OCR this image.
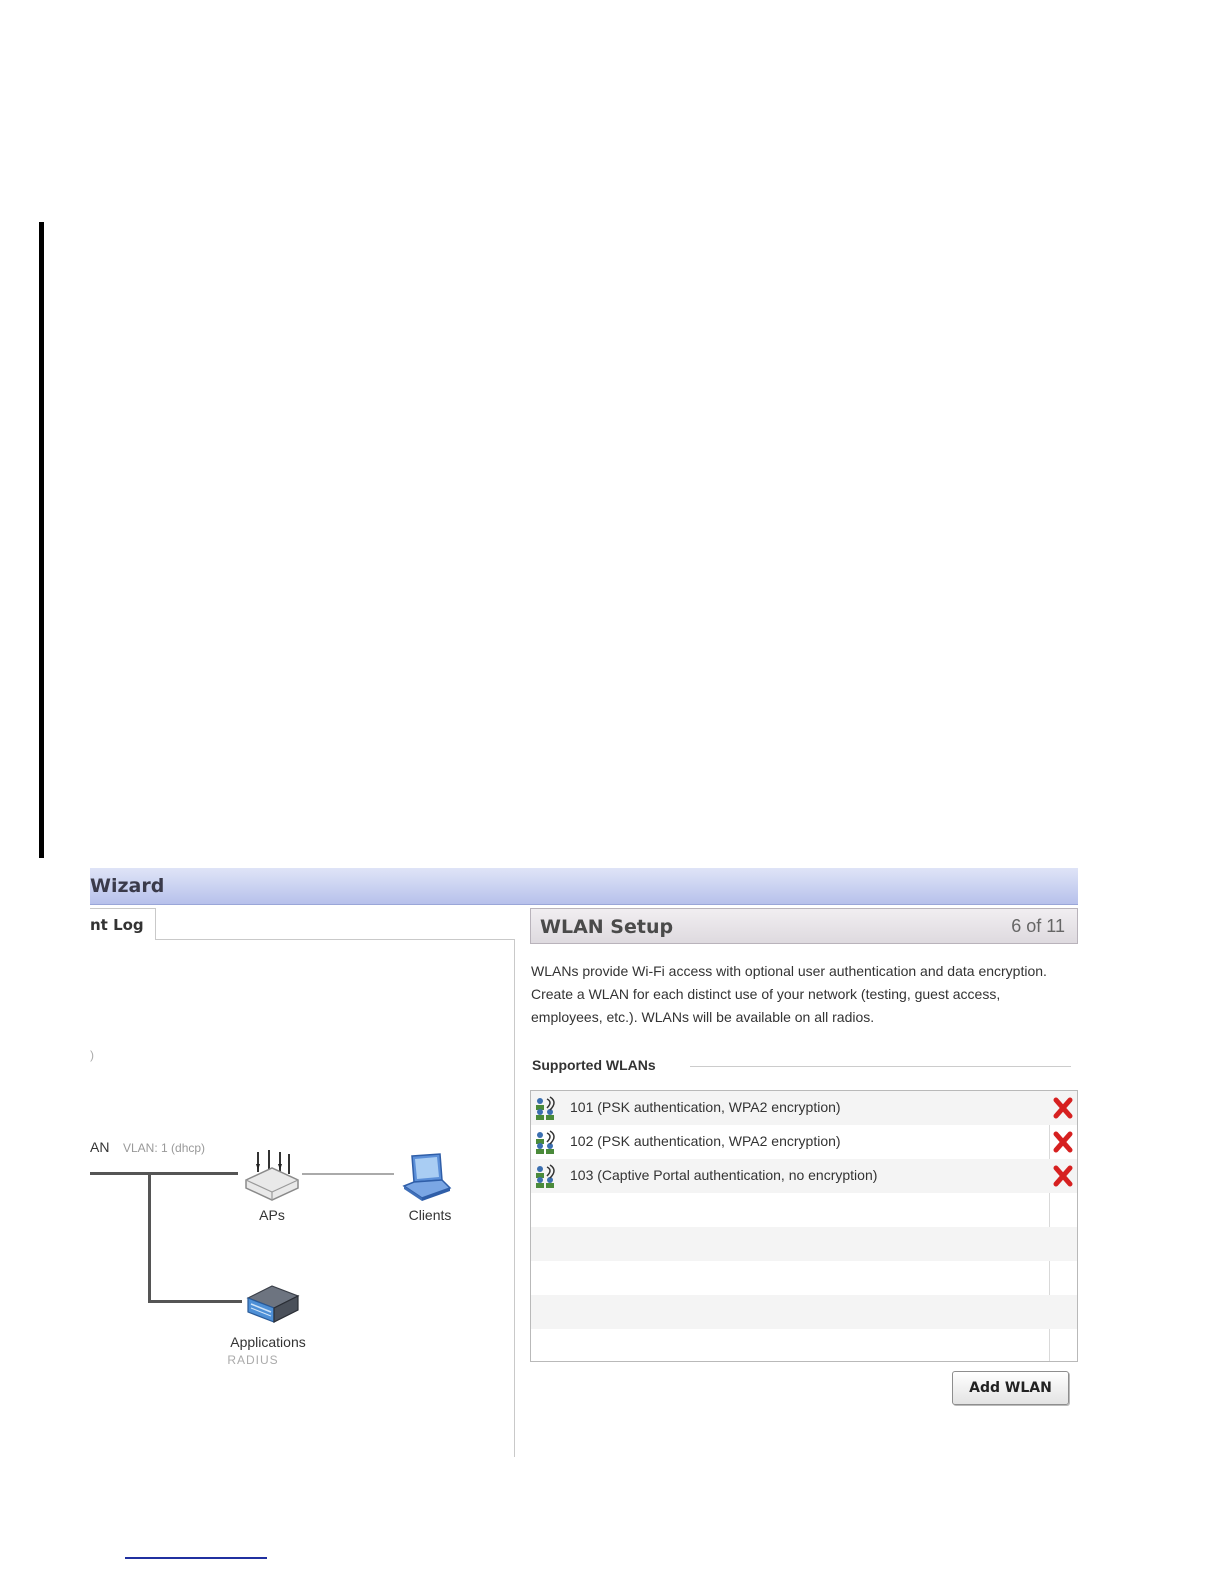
Wizard
nt Log
)
AN VLAN: 1 (dhcp)
APs	Clients
Applications
RADIUS
WLAN Setup	6 of 11
WLANs provide Wi-Fi access with optional user authentication and data encryption. Create a WLAN for each distinct use of your network (testing, guest access, employees, etc.). WLANs will be available on all radios.
Supported WLANs
101 (PSK authentication, WPA2 encryption)
102 (PSK authentication, WPA2 encryption)
103 (Captive Portal authentication, no encryption)
Add WLAN
